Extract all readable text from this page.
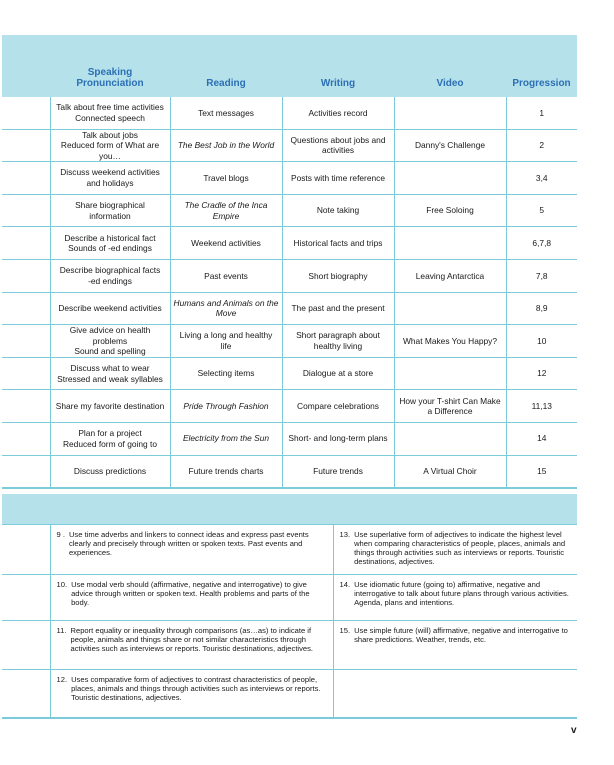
	Speaking
Pronunciation	Reading	Writing	Video	Progression

	Talk about free time activities
Connected speech	Text messages	Activities record		1

	Talk about jobs
Reduced form of What are you…	The Best Job in the World	Questions about jobs and activities	Danny's Challenge	2

	Discuss weekend activities and holidays	Travel blogs	Posts with time reference		3,4

	Share biographical information	The Cradle of the Inca Empire	Note taking	Free Soloing	5

	Describe a historical fact
Sounds of -ed endings	Weekend activities	Historical facts and trips		6,7,8

	Describe biographical facts
-ed endings	Past events	Short biography	Leaving Antarctica	7,8

	Describe weekend activities	Humans and Animals on the Move	The past and the present		8,9

	Give advice on health problems
Sound and spelling	Living a long and healthy life	Short paragraph about healthy living	What Makes You Happy?	10

	Discuss what to wear
Stressed and weak syllables	Selecting items	Dialogue at a store		12

	Share my favorite destination	Pride Through Fashion	Compare celebrations	How your T-shirt Can Make a Difference	11,13

	Plan for a project
Reduced form of going to	Electricity from the Sun	Short- and long-term plans		14

	Discuss predictions	Future trends charts	Future trends	A Virtual Choir	15

	9 . Use time adverbs and linkers to connect ideas and express past events clearly and precisely through written or spoken texts. Past events and experiences.	13. Use superlative form of adjectives to indicate the highest level when comparing characteristics of people, places, animals and things through activities such as interviews or reports. Touristic destinations, adjectives.

	10. Use modal verb should (affirmative, negative and interrogative) to give advice through written or spoken text. Health problems and parts of the body.	14. Use idiomatic future (going to) affirmative, negative and interrogative to talk about future plans through various activities. Agenda, plans and intentions.

	11. Report equality or inequality through comparisons (as…as) to indicate if people, animals and things share or not similar characteristics through activities such as interviews or reports. Touristic destinations, adjectives.	15. Use simple future (will) affirmative, negative and interrogative to share predictions. Weather, trends, etc.

	12. Uses comparative form of adjectives to contrast characteristics of people, places, animals and things through activities such as interviews or reports. Touristic destinations, adjectives.	

v
